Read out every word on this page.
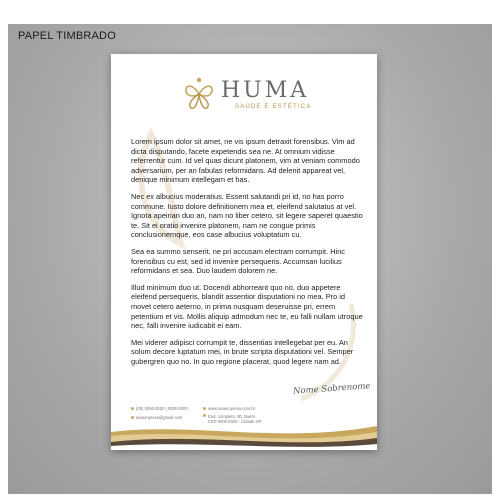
PAPEL TIMBRADO
HUMA
SAÚDE E ESTÉTICA

Lorem ipsum dolor sit amet, ne vis ipsum detraxit forensibus. Vim ad dicta disputando, facete expetendis sea ne. At omnium vidisse referrentur cum. Id vel quas dicunt platonem, vim at veniam commodo adversarium, per an fabulas reformidans. Ad delenit appareat vel, denique minimum intellegam et has.

Nec ex albucius moderatius. Essent salutandi pri id, no has porro commune. Iusto dolore definitionem mea et, eleifend salutatus at vel. Ignota apeirian duo an, nam no liber cetero, sit legere saperet quaestio te. Sit ei oratio invenire platonem, nam ne congue primis conclusionemque, eos case albucius voluptatum cu.

Sea ea summo senserit, ne pri accusam electram corrumpit. Hinc forensibus cu est, sed id invenire persequeris. Accumsan lucilius reformidans et sea. Duo laudem dolorem ne.

Illud minimum duo ut. Docendi abhorreant quo no, duo appetere eleifend persequeris, blandit assentior disputationi no mea. Pro id movet cetero aeterno, in prima nusquam deseruisse pri, errem petentium et vis. Mollis aliquip admodum nec te, eu falli nullam utroque nec, falli invenire iudicabit ei eam.

Mei viderer adipisci corrumpit te, dissentias intellegebat per eu. An solum decore luptatum mei, in brute scripta disputationi vel. Semper gubergren quo no. In quo regione placerat, quod legere nam ad.

Nome Sobrenome
(00) 0000.0000 | 0000.0000
suaempresa@gmail.com
www.suaempresa.com.br
End. completo, 00, Bairro
CEP 0000.0000 - Cidade-SP
